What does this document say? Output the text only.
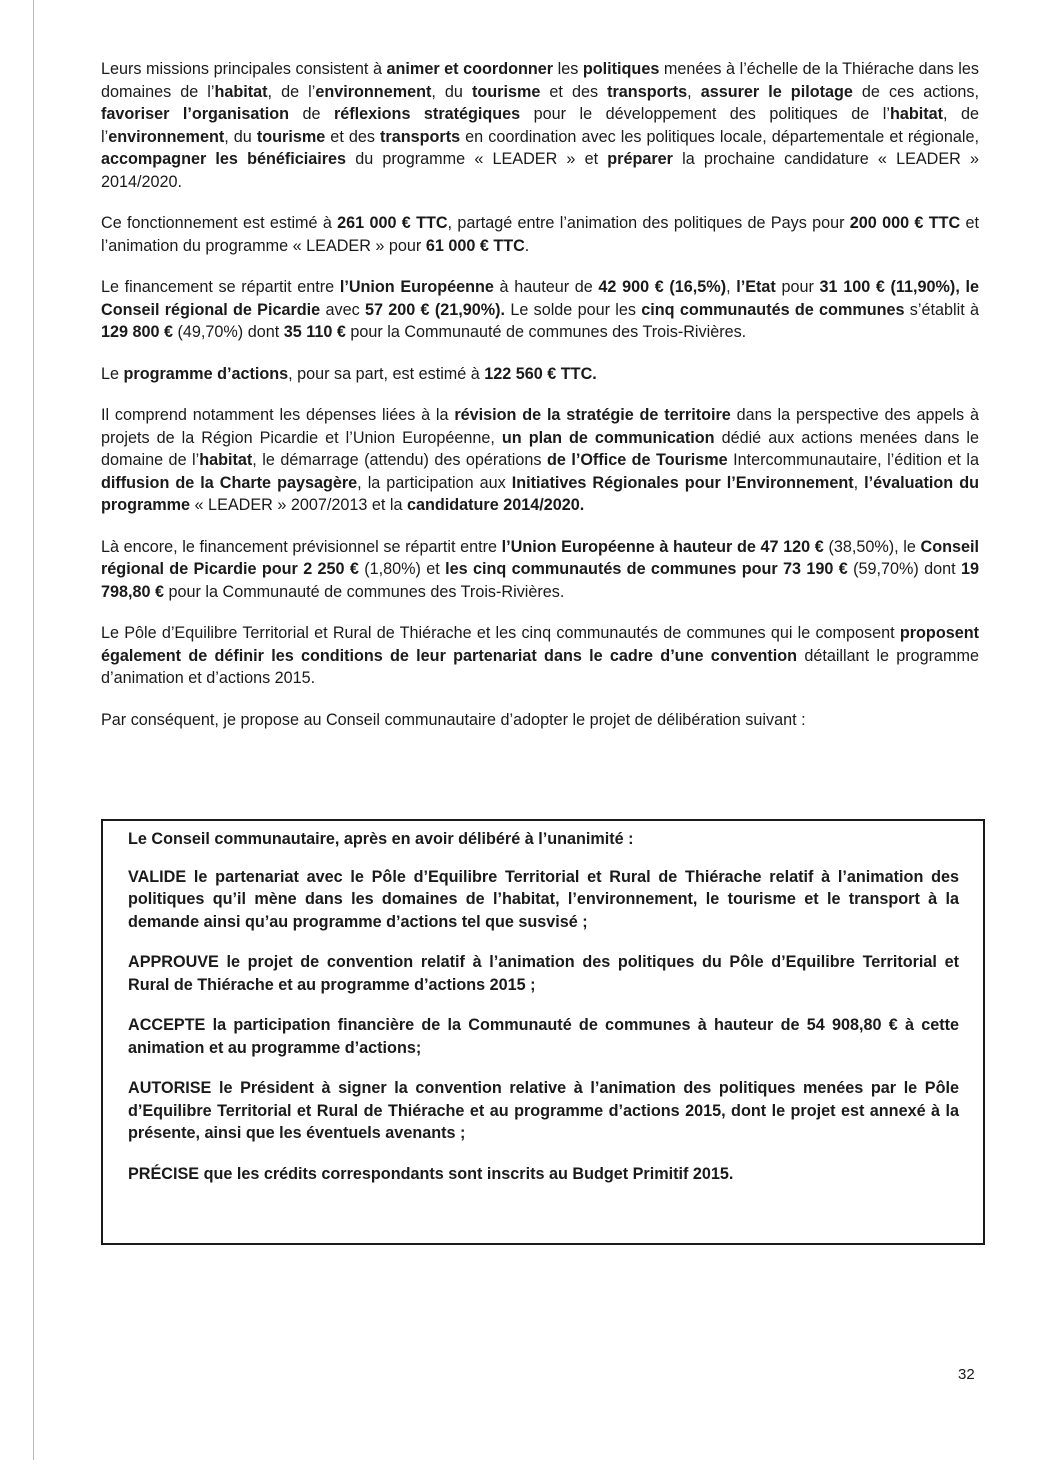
Leurs missions principales consistent à animer et coordonner les politiques menées à l’échelle de la Thiérache dans les domaines de l’habitat, de l’environnement, du tourisme et des transports, assurer le pilotage de ces actions, favoriser l’organisation de réflexions stratégiques pour le développement des politiques de l’habitat, de l’environnement, du tourisme et des transports en coordination avec les politiques locale, départementale et régionale, accompagner les bénéficiaires du programme « LEADER » et préparer la prochaine candidature « LEADER » 2014/2020.

Ce fonctionnement est estimé à 261 000 € TTC, partagé entre l’animation des politiques de Pays pour 200 000 € TTC et l’animation du programme « LEADER » pour 61 000 € TTC.

Le financement se répartit entre l’Union Européenne à hauteur de 42 900 € (16,5%), l’Etat pour 31 100 € (11,90%), le Conseil régional de Picardie avec 57 200 € (21,90%). Le solde pour les cinq communautés de communes s’établit à 129 800 € (49,70%) dont 35 110 € pour la Communauté de communes des Trois-Rivières.

Le programme d’actions, pour sa part, est estimé à 122 560 € TTC.

Il comprend notamment les dépenses liées à la révision de la stratégie de territoire dans la perspective des appels à projets de la Région Picardie et l’Union Européenne, un plan de communication dédié aux actions menées dans le domaine de l’habitat, le démarrage (attendu) des opérations de l’Office de Tourisme Intercommunautaire, l’édition et la diffusion de la Charte paysagère, la participation aux Initiatives Régionales pour l’Environnement, l’évaluation du programme « LEADER » 2007/2013 et la candidature 2014/2020.

Là encore, le financement prévisionnel se répartit entre l’Union Européenne à hauteur de 47 120 € (38,50%), le Conseil régional de Picardie pour 2 250 € (1,80%) et les cinq communautés de communes pour 73 190 € (59,70%) dont 19 798,80 € pour la Communauté de communes des Trois-Rivières.

Le Pôle d’Equilibre Territorial et Rural de Thiérache et les cinq communautés de communes qui le composent proposent également de définir les conditions de leur partenariat dans le cadre d’une convention détaillant le programme d’animation et d’actions 2015.

Par conséquent, je propose au Conseil communautaire d’adopter le projet de délibération suivant :

Le Conseil communautaire, après en avoir délibéré à l’unanimité :

VALIDE le partenariat avec le Pôle d’Equilibre Territorial et Rural de Thiérache relatif à l’animation des politiques qu’il mène dans les domaines de l’habitat, l’environnement, le tourisme et le transport à la demande ainsi qu’au programme d’actions tel que susvisé ;

APPROUVE le projet de convention relatif à l’animation des politiques du Pôle d’Equilibre Territorial et Rural de Thiérache et au programme d’actions 2015 ;

ACCEPTE la participation financière de la Communauté de communes à hauteur de 54 908,80 € à cette animation et au programme d’actions;

AUTORISE le Président à signer la convention relative à l’animation des politiques menées par le Pôle d’Equilibre Territorial et Rural de Thiérache et au programme d’actions 2015, dont le projet est annexé à la présente, ainsi que les éventuels avenants ;

PRÉCISE que les crédits correspondants sont inscrits au Budget Primitif 2015.

32
